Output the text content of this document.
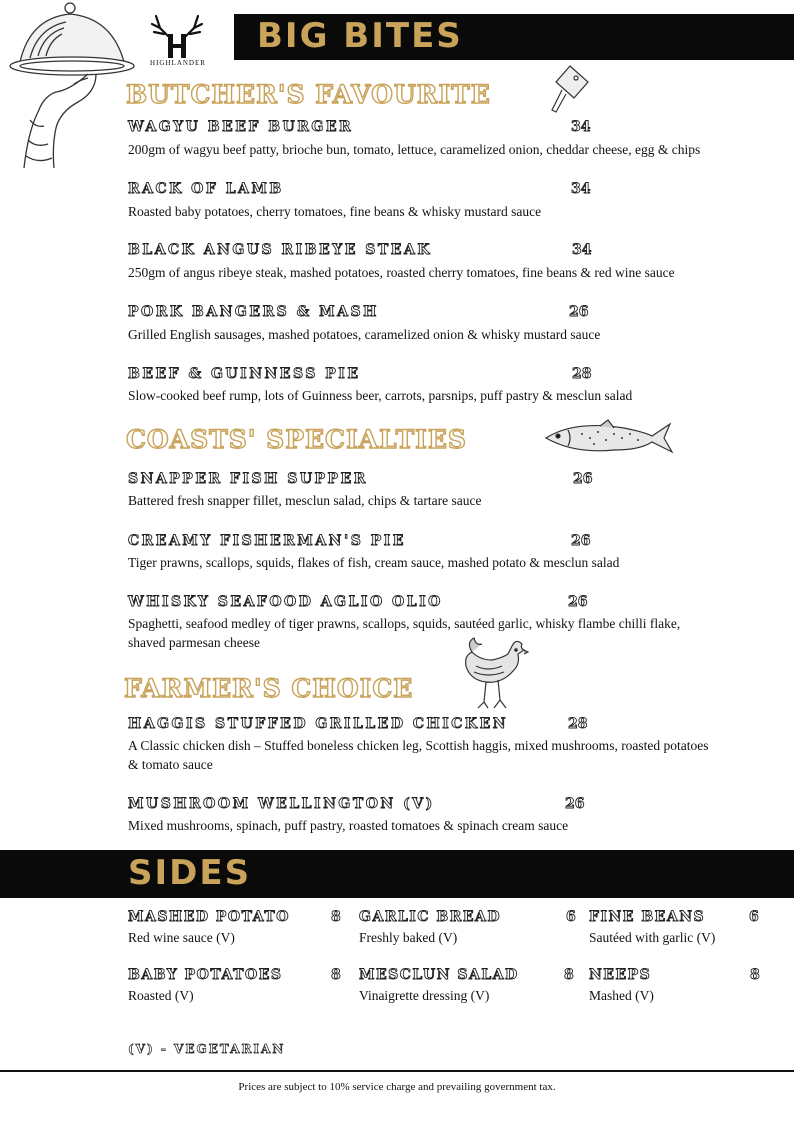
HIGHLANDER
BIG BITES
BUTCHER'S FAVOURITE
WAGYU BEEF BURGER	34
200gm of wagyu beef patty, brioche bun, tomato, lettuce, caramelized onion, cheddar cheese, egg & chips
RACK OF LAMB	34
Roasted baby potatoes, cherry tomatoes, fine beans & whisky mustard sauce
BLACK ANGUS RIBEYE STEAK	34
250gm of angus ribeye steak, mashed potatoes, roasted cherry tomatoes, fine beans & red wine sauce
PORK BANGERS & MASH	26
Grilled English sausages, mashed potatoes, caramelized onion & whisky mustard sauce
BEEF & GUINNESS PIE	28
Slow-cooked beef rump, lots of Guinness beer, carrots, parsnips, puff pastry & mesclun salad
COASTS' SPECIALTIES
SNAPPER FISH SUPPER	26
Battered fresh snapper fillet, mesclun salad, chips & tartare sauce
CREAMY FISHERMAN'S PIE	26
Tiger prawns, scallops, squids, flakes of fish, cream sauce, mashed potato & mesclun salad
WHISKY SEAFOOD AGLIO OLIO	26
Spaghetti, seafood medley of tiger prawns, scallops, squids, sautéed garlic, whisky flambe chilli flake,
shaved parmesan cheese
FARMER'S CHOICE
HAGGIS STUFFED GRILLED CHICKEN	28
A Classic chicken dish – Stuffed boneless chicken leg, Scottish haggis, mixed mushrooms, roasted potatoes
& tomato sauce
MUSHROOM WELLINGTON (V)	26
Mixed mushrooms, spinach, puff pastry, roasted tomatoes & spinach cream sauce
SIDES
MASHED POTATO	8
Red wine sauce (V)
GARLIC BREAD	6
Freshly baked (V)
FINE BEANS	6
Sautéed with garlic (V)
BABY POTATOES	8
Roasted (V)
MESCLUN SALAD	8
Vinaigrette dressing (V)
NEEPS	8
Mashed (V)
(V) - VEGETARIAN
Prices are subject to 10% service charge and prevailing government tax.
